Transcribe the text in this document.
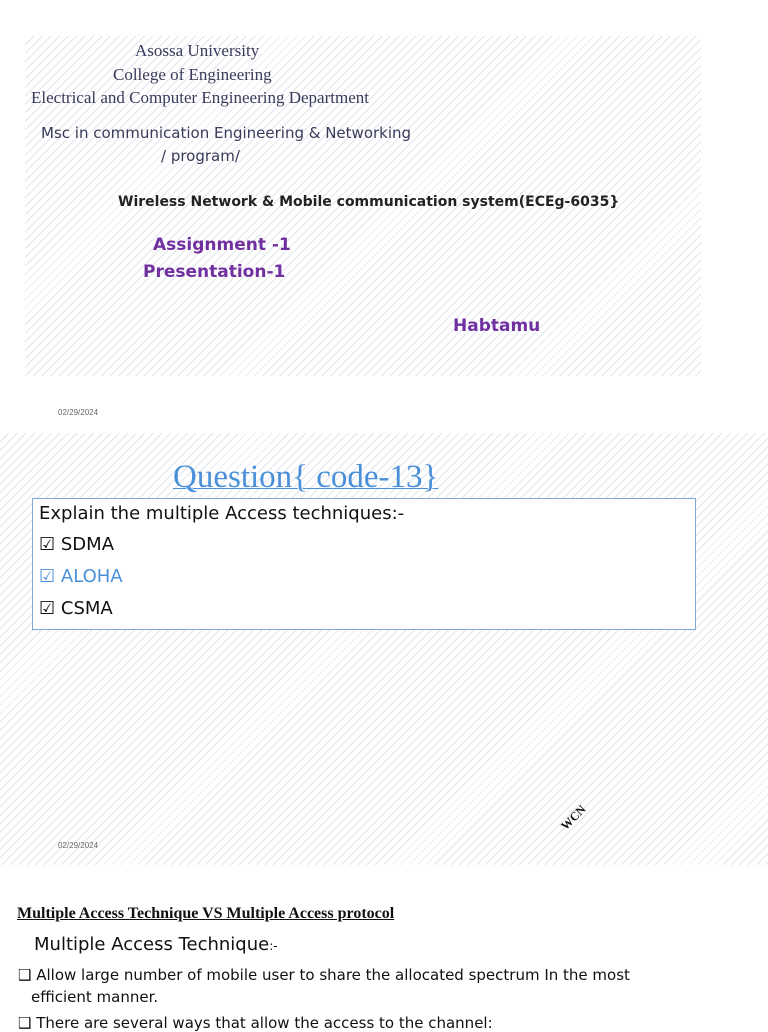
Asossa University
College of Engineering
Electrical and Computer Engineering Department
Msc in communication Engineering & Networking
/ program/
Wireless Network & Mobile communication system(ECEg-6035}
Assignment -1
Presentation-1
Habtamu
02/29/2024
Question{ code-13}
Explain the multiple Access techniques:-
☑ SDMA
☑ ALOHA
☑ CSMA
WCN
02/29/2024
Multiple Access Technique VS Multiple Access protocol
Multiple Access Technique:-
❑ Allow large number of mobile user to share the allocated spectrum In the most
efficient manner.
❑ There are several ways that allow the access to the channel:
